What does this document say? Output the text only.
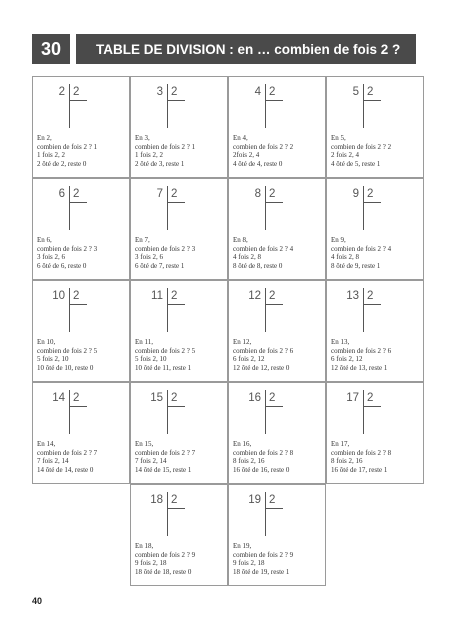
30	TABLE DE DIVISION : en … combien de fois 2 ?
2 2
En 2,
combien de fois 2 ? 1
1 fois 2, 2
2 ôté de 2, reste 0
3 2
En 3,
combien de fois 2 ? 1
1 fois 2, 2
2 ôté de 3, reste 1
4 2
En 4,
combien de fois 2 ? 2
2fois 2, 4
4 ôté de 4, reste 0
5 2
En 5,
combien de fois 2 ? 2
2 fois 2, 4
4 ôté de 5, reste 1
6 2
En 6,
combien de fois 2 ? 3
3 fois 2, 6
6 ôté de 6, reste 0
7 2
En 7,
combien de fois 2 ? 3
3 fois 2, 6
6 ôté de 7, reste 1
8 2
En 8,
combien de fois 2 ? 4
4 fois 2, 8
8 ôté de 8, reste 0
9 2
En 9,
combien de fois 2 ? 4
4 fois 2, 8
8 ôté de 9, reste 1
10 2
En 10,
combien de fois 2 ? 5
5 fois 2, 10
10 ôté de 10, reste 0
11 2
En 11,
combien de fois 2 ? 5
5 fois 2, 10
10 ôté de 11, reste 1
12 2
En 12,
combien de fois 2 ? 6
6 fois 2, 12
12 ôté de 12, reste 0
13 2
En 13,
combien de fois 2 ? 6
6 fois 2, 12
12 ôté de 13, reste 1
14 2
En 14,
combien de fois 2 ? 7
7 fois 2, 14
14 ôté de 14, reste 0
15 2
En 15,
combien de fois 2 ? 7
7 fois 2, 14
14 ôté de 15, reste 1
16 2
En 16,
combien de fois 2 ? 8
8 fois 2, 16
16 ôté de 16, reste 0
17 2
En 17,
combien de fois 2 ? 8
8 fois 2, 16
16 ôté de 17, reste 1
18 2
En 18,
combien de fois 2 ? 9
9 fois 2, 18
18 ôté de 18, reste 0
19 2
En 19,
combien de fois 2 ? 9
9 fois 2, 18
18 ôté de 19, reste 1
40
